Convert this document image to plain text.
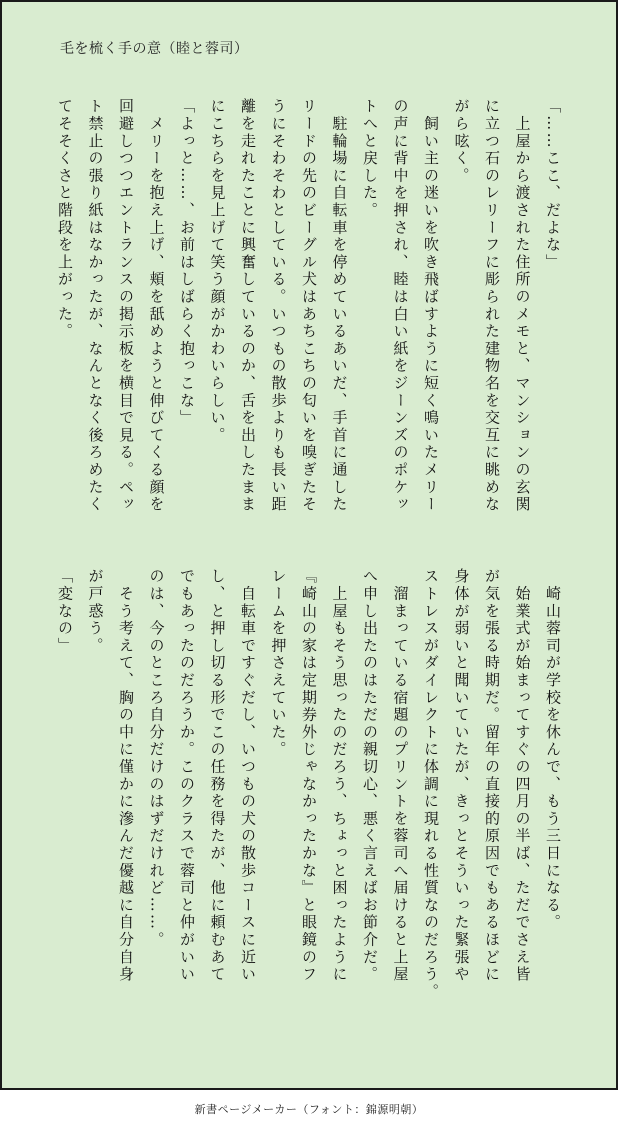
毛を梳く手の意（睦と蓉司）
「……ここ、だよな」
　上屋から渡された住所のメモと、マンションの玄関
に立つ石のレリーフに彫られた建物名を交互に眺めな
がら呟く。
　飼い主の迷いを吹き飛ばすように短く鳴いたメリー
の声に背中を押され、睦は白い紙をジーンズのポケッ
トへと戻した。
　駐輪場に自転車を停めているあいだ、手首に通した
リードの先のビーグル犬はあちこちの匂いを嗅ぎたそ
うにそわそわとしている。いつもの散歩よりも長い距
離を走れたことに興奮しているのか、舌を出したまま
にこちらを見上げて笑う顔がかわいらしい。
「よっと……、お前はしばらく抱っこな」
　メリーを抱え上げ、頬を舐めようと伸びてくる顔を
回避しつつエントランスの掲示板を横目で見る。ペッ
ト禁止の張り紙はなかったが、なんとなく後ろめたく
てそそくさと階段を上がった。
　崎山蓉司が学校を休んで、もう三日になる。
　始業式が始まってすぐの四月の半ば、ただでさえ皆
が気を張る時期だ。留年の直接的原因でもあるほどに
身体が弱いと聞いていたが、きっとそういった緊張や
ストレスがダイレクトに体調に現れる性質なのだろう。
　溜まっている宿題のプリントを蓉司へ届けると上屋
へ申し出たのはただの親切心、悪く言えばお節介だ。
　上屋もそう思ったのだろう、ちょっと困ったように
『崎山の家は定期券外じゃなかったかな』と眼鏡のフ
レームを押さえていた。
　自転車ですぐだし、いつもの犬の散歩コースに近い
し、と押し切る形でこの任務を得たが、他に頼むあて
でもあったのだろうか。このクラスで蓉司と仲がいい
のは、今のところ自分だけのはずだけれど……。
　そう考えて、胸の中に僅かに滲んだ優越に自分自身
が戸惑う。
「変なの」
新書ページメーカー（フォント：錦源明朝）
